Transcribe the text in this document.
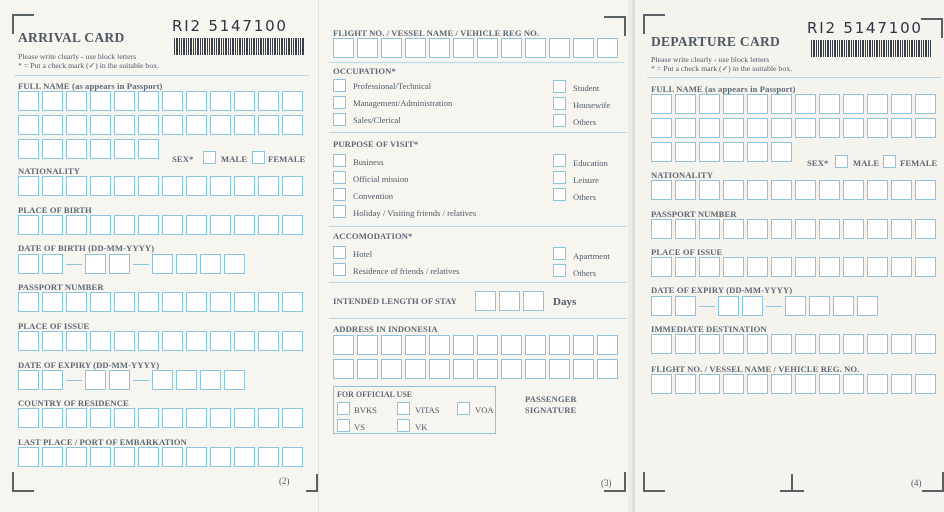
ARRIVAL CARD
RI2 5147100
Please write clearly - use block letters
* = Put a check mark (✓) in the suitable box.
FULL NAME (as appears in Passport)
SEX*	MALE FEMALE
NATIONALITY
PLACE OF BIRTH
DATE OF BIRTH (DD-MM-YYYY)
PASSPORT NUMBER
PLACE OF ISSUE
DATE OF EXPIRY (DD-MM-YYYY)
COUNTRY OF RESIDENCE
LAST PLACE / PORT OF EMBARKATION
(2)
FLIGHT NO. / VESSEL NAME / VEHICLE REG NO.
OCCUPATION*
Professional/Technical
Management/Administration
Sales/Clerical
Student
Housewife
Others
PURPOSE OF VISIT*
Business
Official mission
Convention
Holiday / Visiting friends / relatives
Education
Leisure
Others
ACCOMODATION*
Hotel
Residence of friends / relatives
Apartment
Others
INTENDED LENGTH OF STAY	Days
ADDRESS IN INDONESIA
FOR OFFICIAL USE
BVKS	VITAS	VOA
VS	VK
PASSENGER
SIGNATURE
(3)
DEPARTURE CARD
RI2 5147100
Please write clearly - use block letters
* = Put a check mark (✓) in the suitable box.
FULL NAME (as appears in Passport)
SEX*	MALE FEMALE
NATIONALITY
PASSPORT NUMBER
PLACE OF ISSUE
DATE OF EXPIRY (DD-MM-YYYY)
IMMEDIATE DESTINATION
FLIGHT NO. / VESSEL NAME / VEHICLE REG. NO.
(4)
